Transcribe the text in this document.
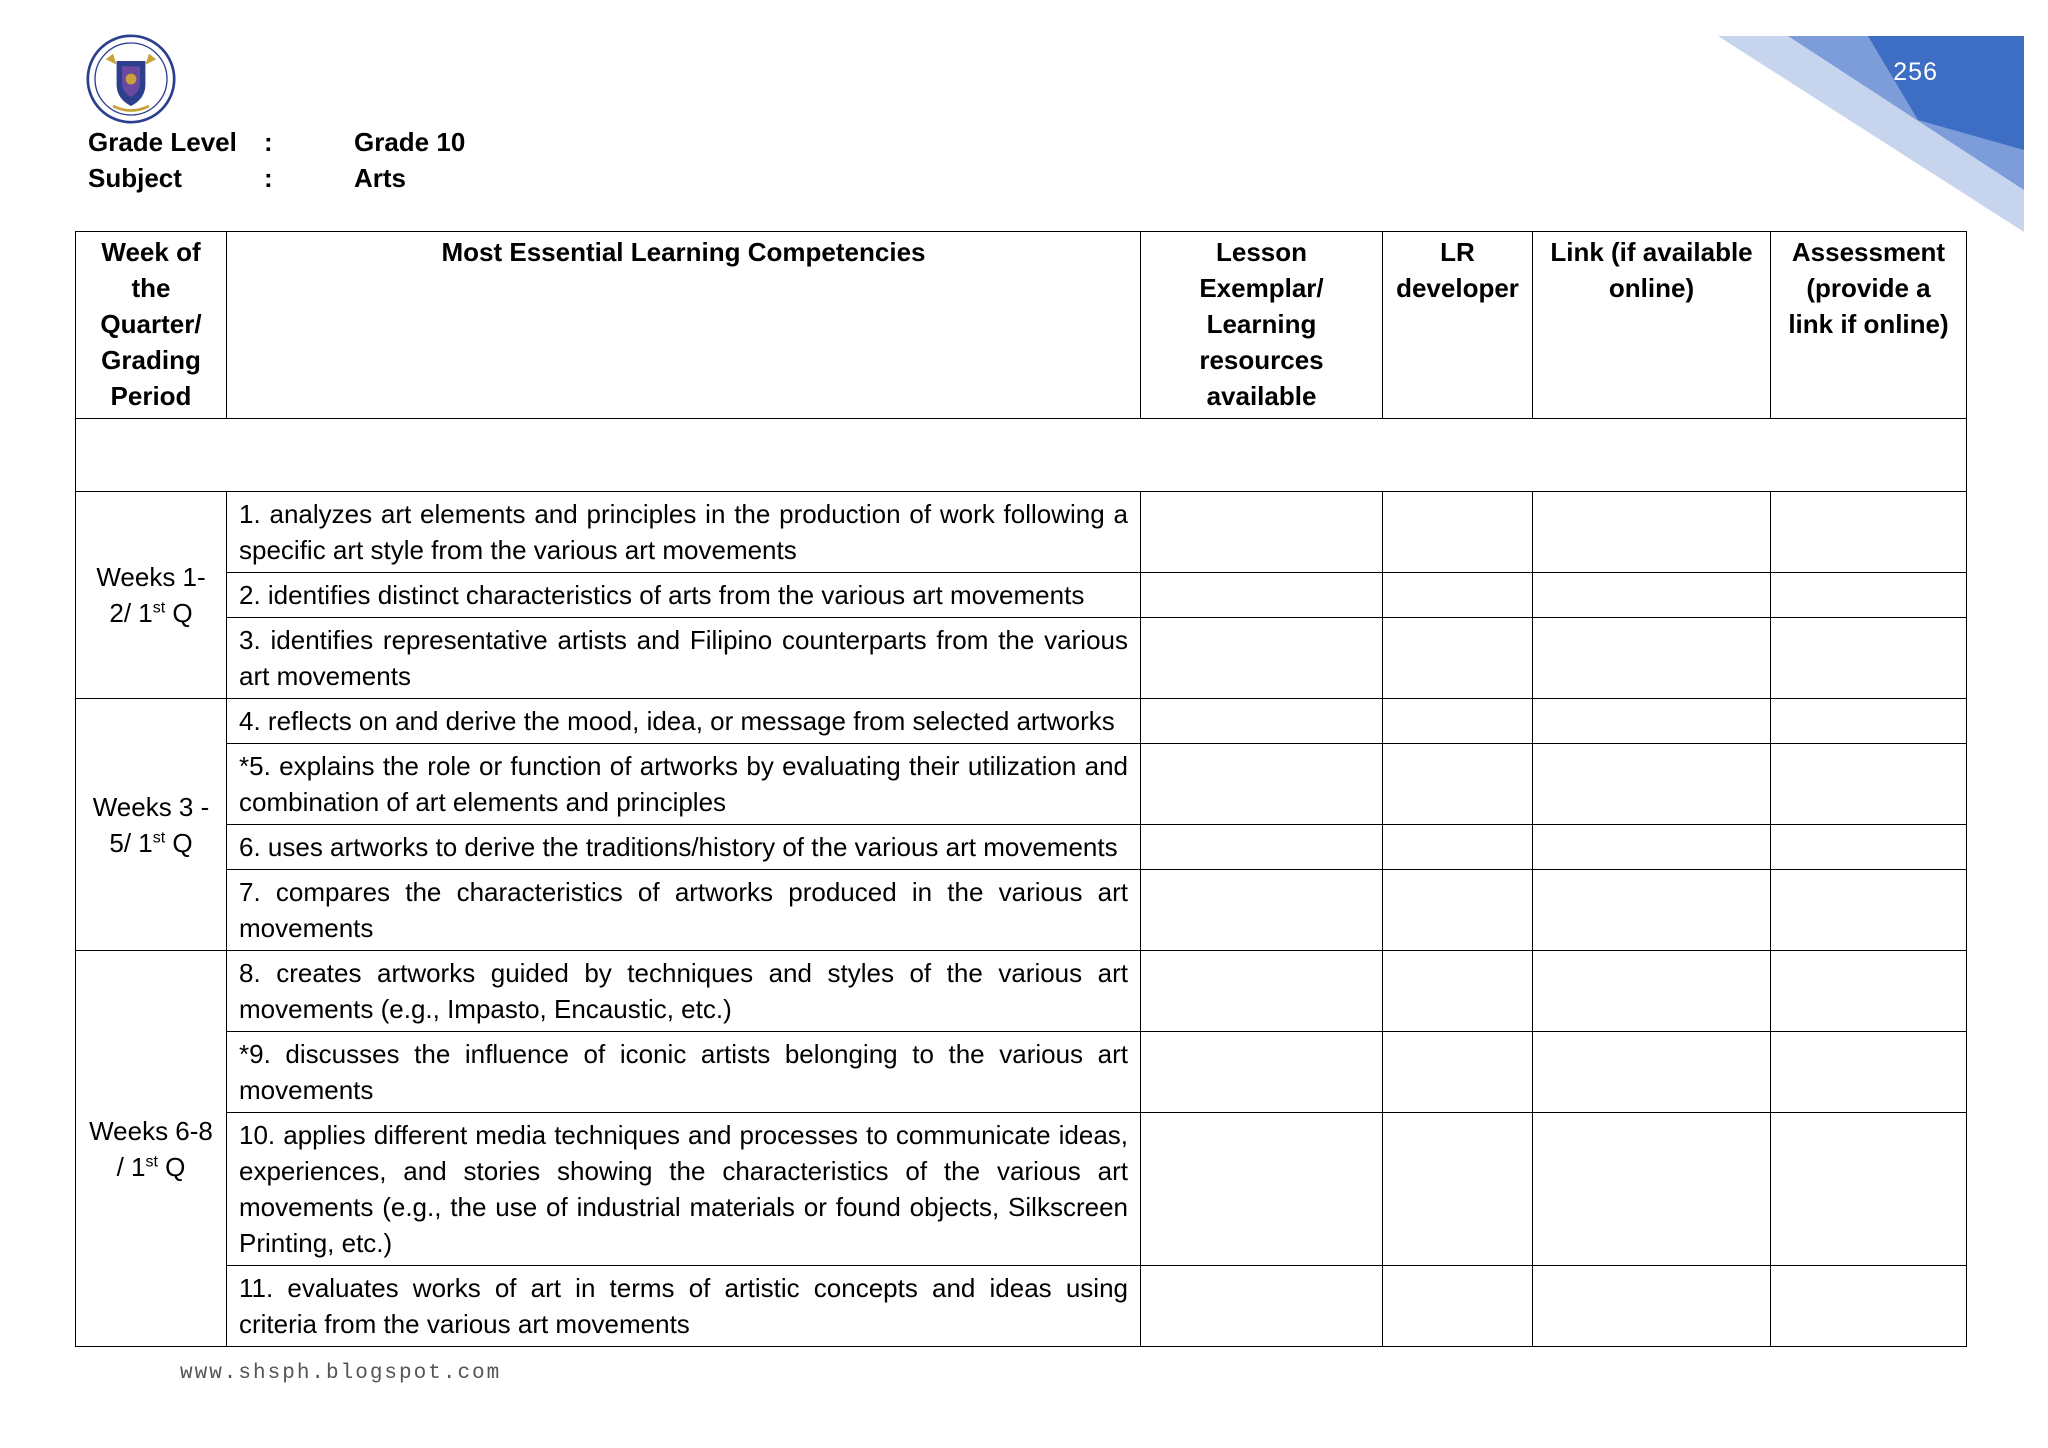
256
Grade Level	:	Grade 10
Subject	:	Arts
Week of the Quarter/ Grading Period	Most Essential Learning Competencies	Lesson Exemplar/ Learning resources available	LR developer	Link (if available online)	Assessment (provide a link if online)

Weeks 1-2/ 1st Q	1. analyzes art elements and principles in the production of work following a specific art style from the various art movements				
	2. identifies distinct characteristics of arts from the various art movements				
	3. identifies representative artists and Filipino counterparts from the various art movements				
Weeks 3 - 5/ 1st Q	4. reflects on and derive the mood, idea, or message from selected artworks				
	*5. explains the role or function of artworks by evaluating their utilization and combination of art elements and principles				
	6. uses artworks to derive the traditions/history of the various art movements				
	7. compares the characteristics of artworks produced in the various art movements				
Weeks 6-8 / 1st Q	8. creates artworks guided by techniques and styles of the various art movements (e.g., Impasto, Encaustic, etc.)				
	*9. discusses the influence of iconic artists belonging to the various art movements				
	10. applies different media techniques and processes to communicate ideas, experiences, and stories showing the characteristics of the various art movements (e.g., the use of industrial materials or found objects, Silkscreen Printing, etc.)				
	11. evaluates works of art in terms of artistic concepts and ideas using criteria from the various art movements				
www.shsph.blogspot.com
